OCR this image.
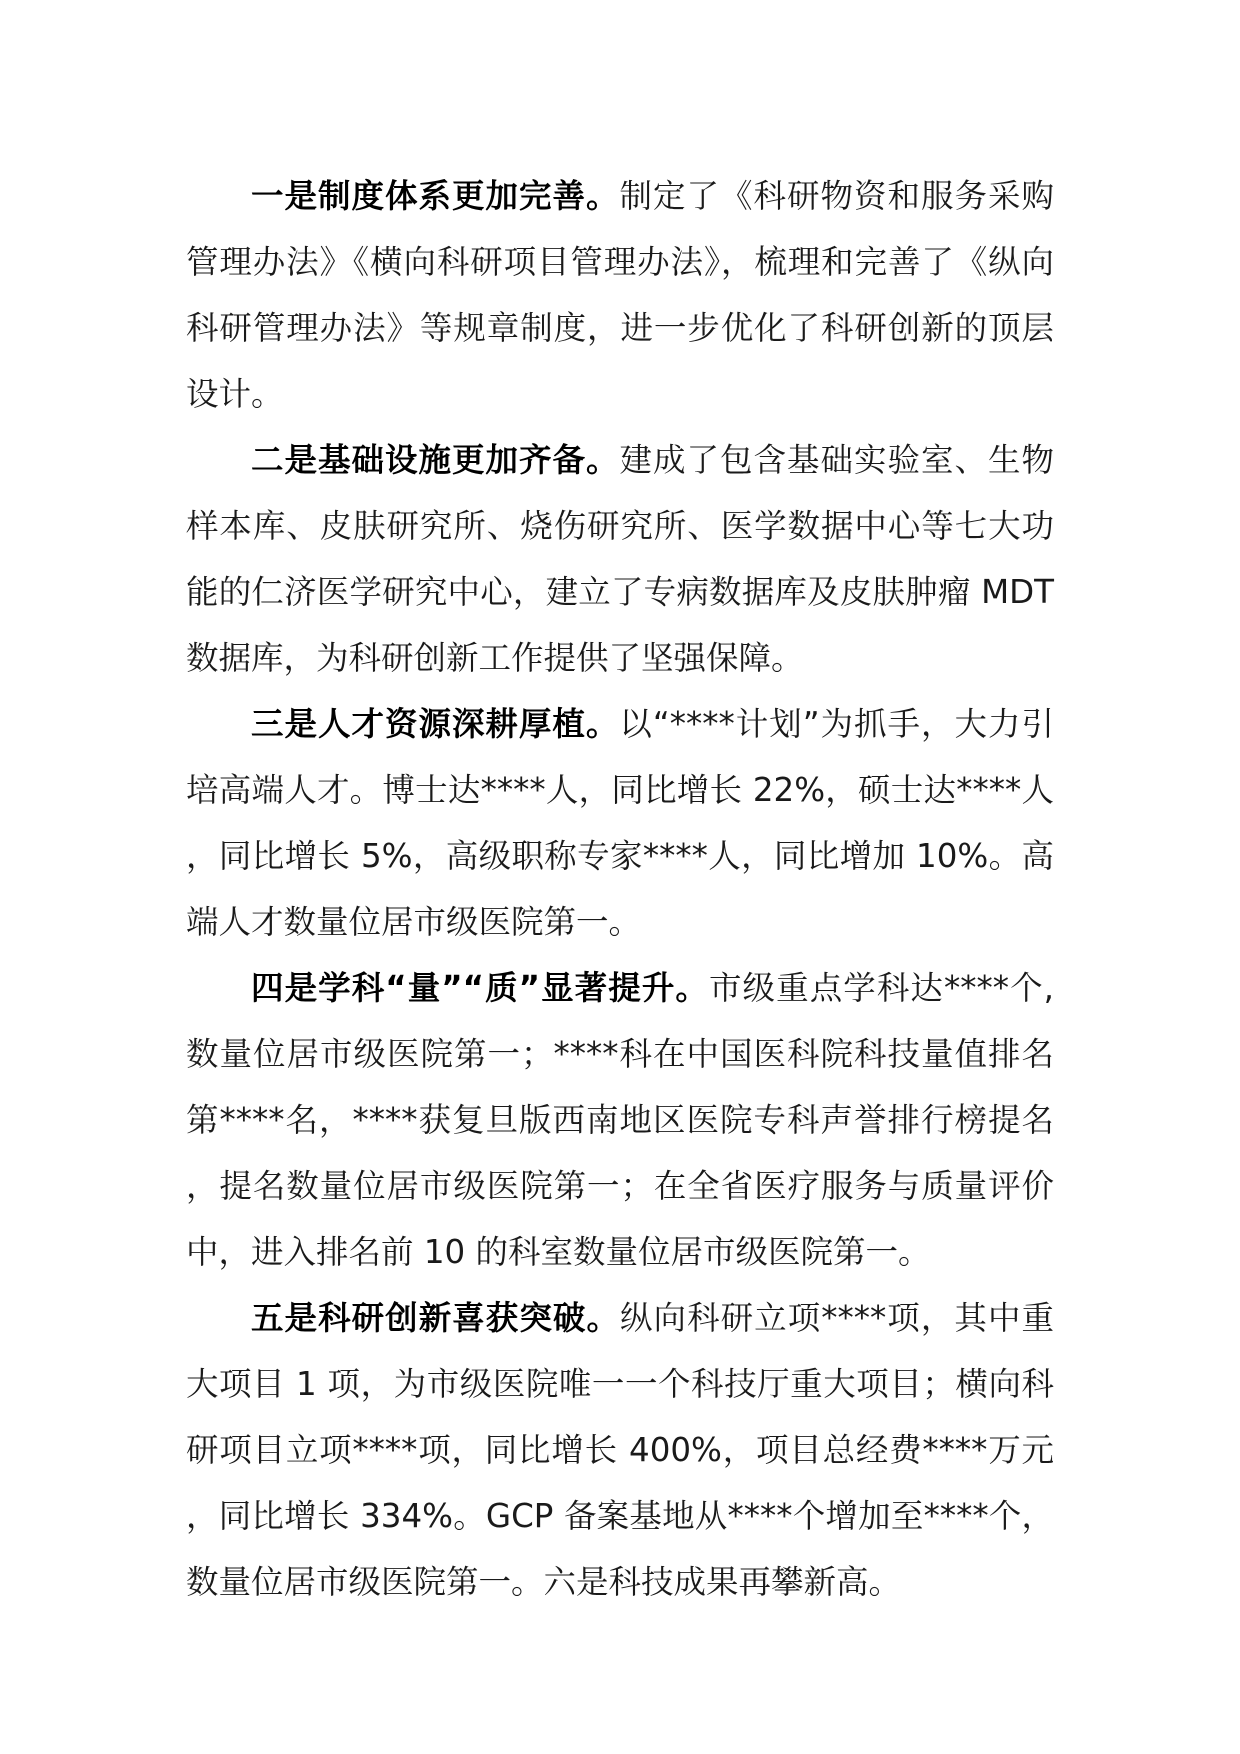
一是制度体系更加完善。制定了《科研物资和服务采购管理办法》《横向科研项目管理办法》，梳理和完善了《纵向科研管理办法》等规章制度，进一步优化了科研创新的顶层设计。

二是基础设施更加齐备。建成了包含基础实验室、生物样本库、皮肤研究所、烧伤研究所、医学数据中心等七大功能的仁济医学研究中心，建立了专病数据库及皮肤肿瘤 MDT 数据库，为科研创新工作提供了坚强保障。

三是人才资源深耕厚植。以“****计划”为抓手，大力引培高端人才。博士达****人，同比增长 22%，硕士达****人，同比增长 5%，高级职称专家****人，同比增加 10%。高端人才数量位居市级医院第一。

四是学科“量”“质”显著提升。市级重点学科达****个,数量位居市级医院第一；****科在中国医科院科技量值排名第****名，****获复旦版西南地区医院专科声誉排行榜提名，提名数量位居市级医院第一；在全省医疗服务与质量评价中，进入排名前 10 的科室数量位居市级医院第一。

五是科研创新喜获突破。纵向科研立项****项，其中重大项目 1 项，为市级医院唯一一个科技厅重大项目；横向科研项目立项****项，同比增长 400%，项目总经费****万元，同比增长 334%。GCP 备案基地从****个增加至****个，数量位居市级医院第一。六是科技成果再攀新高。
